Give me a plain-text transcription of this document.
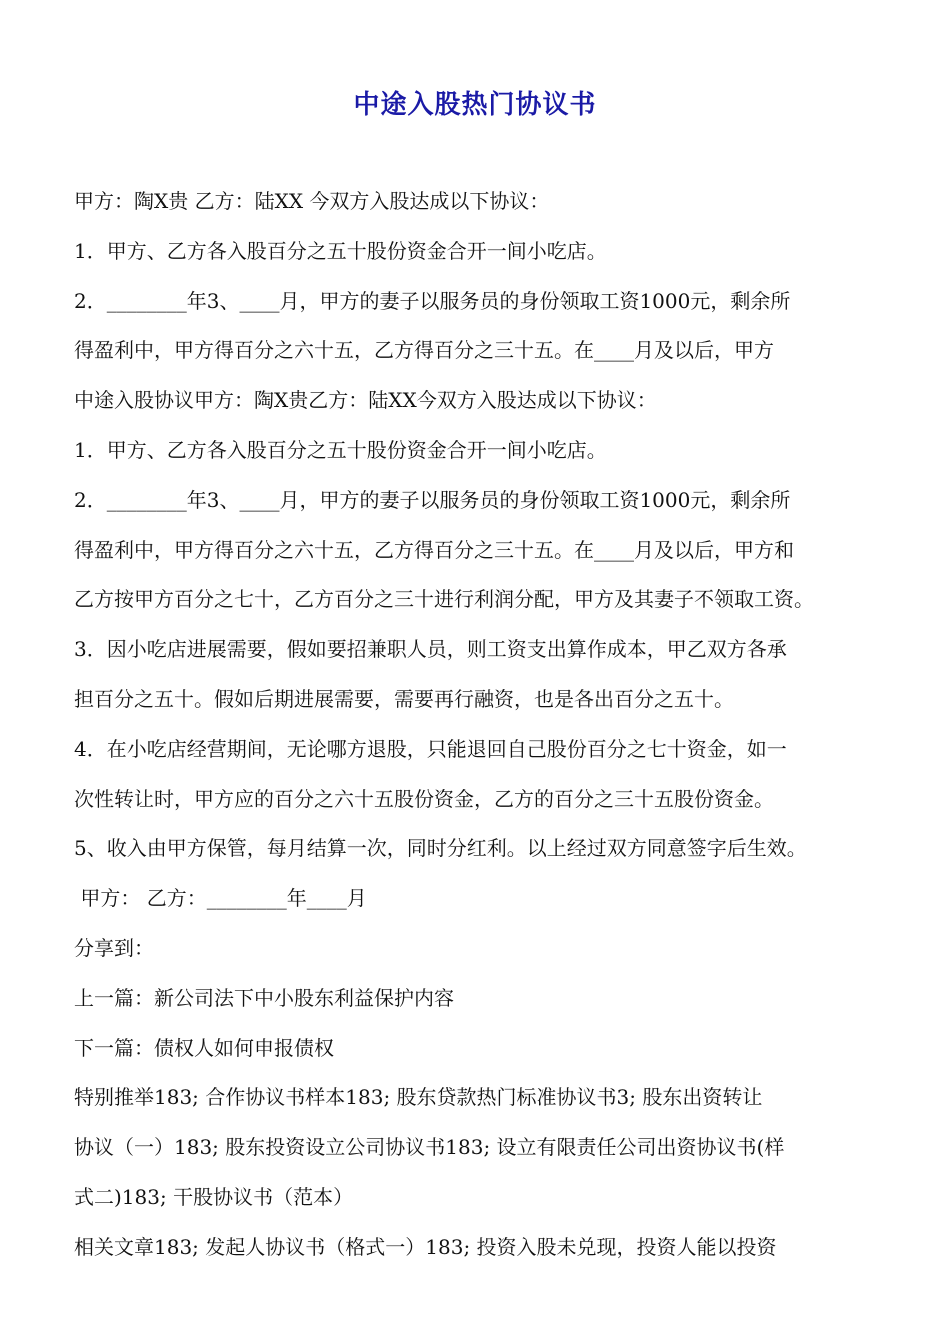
中途入股热门协议书
甲方：陶X贵 乙方：陆XX 今双方入股达成以下协议：
1．甲方、乙方各入股百分之五十股份资金合开一间小吃店。
2．________年3、____月，甲方的妻子以服务员的身份领取工资1000元，剩余所
得盈利中，甲方得百分之六十五，乙方得百分之三十五。在____月及以后，甲方
中途入股协议甲方：陶X贵乙方：陆XX今双方入股达成以下协议：
1．甲方、乙方各入股百分之五十股份资金合开一间小吃店。
2．________年3、____月，甲方的妻子以服务员的身份领取工资1000元，剩余所
得盈利中，甲方得百分之六十五，乙方得百分之三十五。在____月及以后，甲方和
乙方按甲方百分之七十，乙方百分之三十进行利润分配，甲方及其妻子不领取工资。
3．因小吃店进展需要，假如要招兼职人员，则工资支出算作成本，甲乙双方各承
担百分之五十。假如后期进展需要，需要再行融资，也是各出百分之五十。
4．在小吃店经营期间，无论哪方退股，只能退回自己股份百分之七十资金，如一
次性转让时，甲方应的百分之六十五股份资金，乙方的百分之三十五股份资金。
5、收入由甲方保管，每月结算一次，同时分红利。以上经过双方同意签字后生效。
甲方： 乙方：________年____月
分享到：
上一篇：新公司法下中小股东利益保护内容
下一篇：债权人如何申报债权
特别推举183; 合作协议书样本183; 股东贷款热门标准协议书3; 股东出资转让
协议（一）183; 股东投资设立公司协议书183; 设立有限责任公司出资协议书(样
式二)183; 干股协议书（范本）
相关文章183; 发起人协议书（格式一）183; 投资入股未兑现，投资人能以投资
